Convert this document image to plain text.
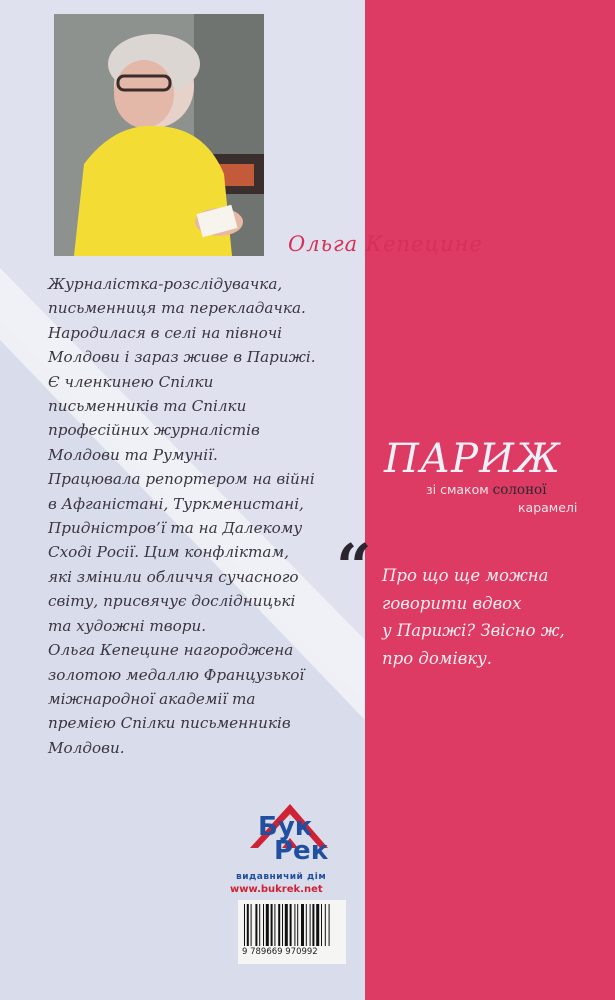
Ольга Кепецине
Журналістка-розслідувачка,
письменниця та перекладачка.
Народилася в селі на півночі
Молдови і зараз живе в Парижі.
Є членкинею Спілки
письменників та Спілки
професійних журналістів
Молдови та Румунії.
Працювала репортером на війні
в Афганістані, Туркменистані,
Придністров’ї та на Далекому
Сході Росії. Цим конфліктам,
які змінили обличчя сучасного
світу, присвячує дослідницькі
та художні твори.
Ольга Кепецине нагороджена
золотою медаллю Французької
міжнародної академії та
премією Спілки письменників
Молдови.
ПАРИЖ
зі смаком солоної
карамелі
“ Про що ще можна
говорити вдвох
у Парижі? Звісно ж,
про домівку.
Бук
Рек
видавничий дім
www.bukrek.net
9 789669 970992
